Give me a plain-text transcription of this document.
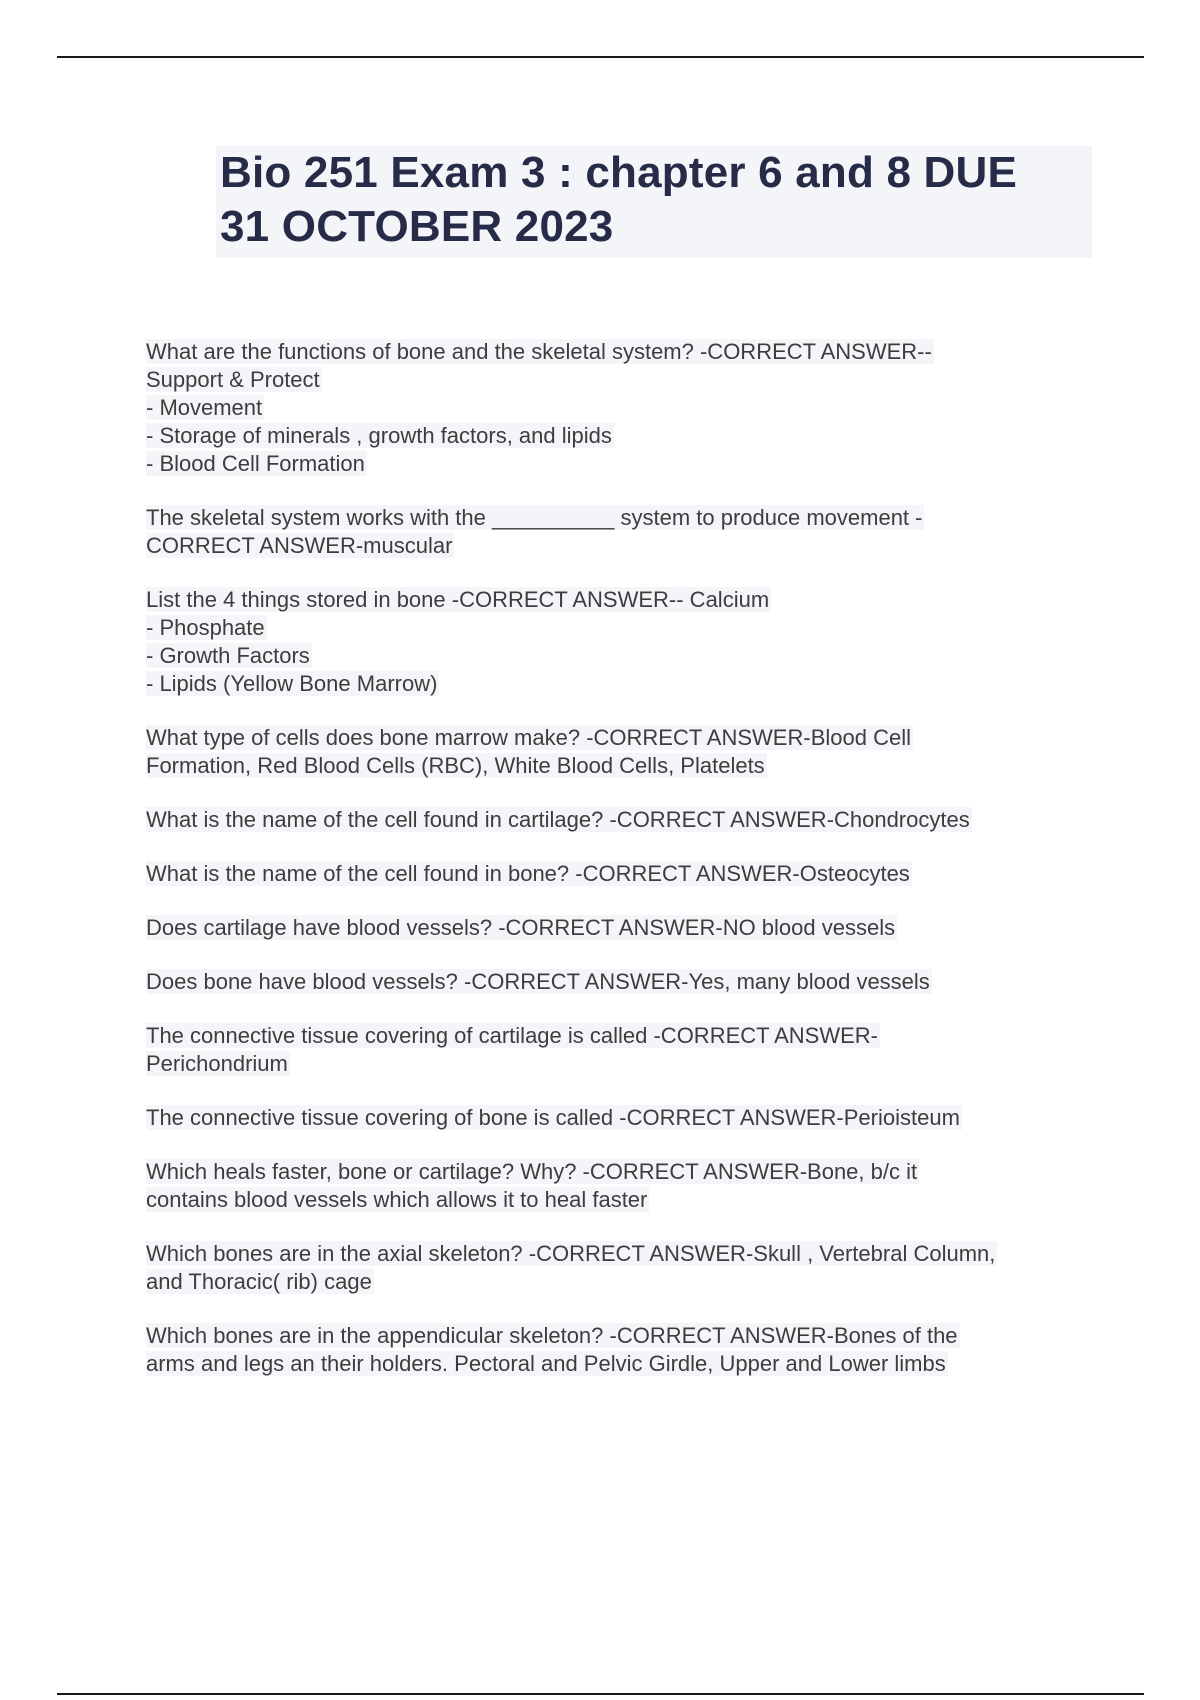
Bio 251 Exam 3 : chapter 6 and 8 DUE
31 OCTOBER 2023
What are the functions of bone and the skeletal system? -CORRECT ANSWER--
Support & Protect
- Movement
- Storage of minerals , growth factors, and lipids
- Blood Cell Formation
The skeletal system works with the __________ system to produce movement -
CORRECT ANSWER-muscular
List the 4 things stored in bone -CORRECT ANSWER-- Calcium
- Phosphate
- Growth Factors
- Lipids (Yellow Bone Marrow)
What type of cells does bone marrow make? -CORRECT ANSWER-Blood Cell
Formation, Red Blood Cells (RBC), White Blood Cells, Platelets
What is the name of the cell found in cartilage? -CORRECT ANSWER-Chondrocytes
What is the name of the cell found in bone? -CORRECT ANSWER-Osteocytes
Does cartilage have blood vessels? -CORRECT ANSWER-NO blood vessels
Does bone have blood vessels? -CORRECT ANSWER-Yes, many blood vessels
The connective tissue covering of cartilage is called -CORRECT ANSWER-
Perichondrium
The connective tissue covering of bone is called -CORRECT ANSWER-Perioisteum
Which heals faster, bone or cartilage? Why? -CORRECT ANSWER-Bone, b/c it
contains blood vessels which allows it to heal faster
Which bones are in the axial skeleton? -CORRECT ANSWER-Skull , Vertebral Column,
and Thoracic( rib) cage
Which bones are in the appendicular skeleton? -CORRECT ANSWER-Bones of the
arms and legs an their holders. Pectoral and Pelvic Girdle, Upper and Lower limbs
